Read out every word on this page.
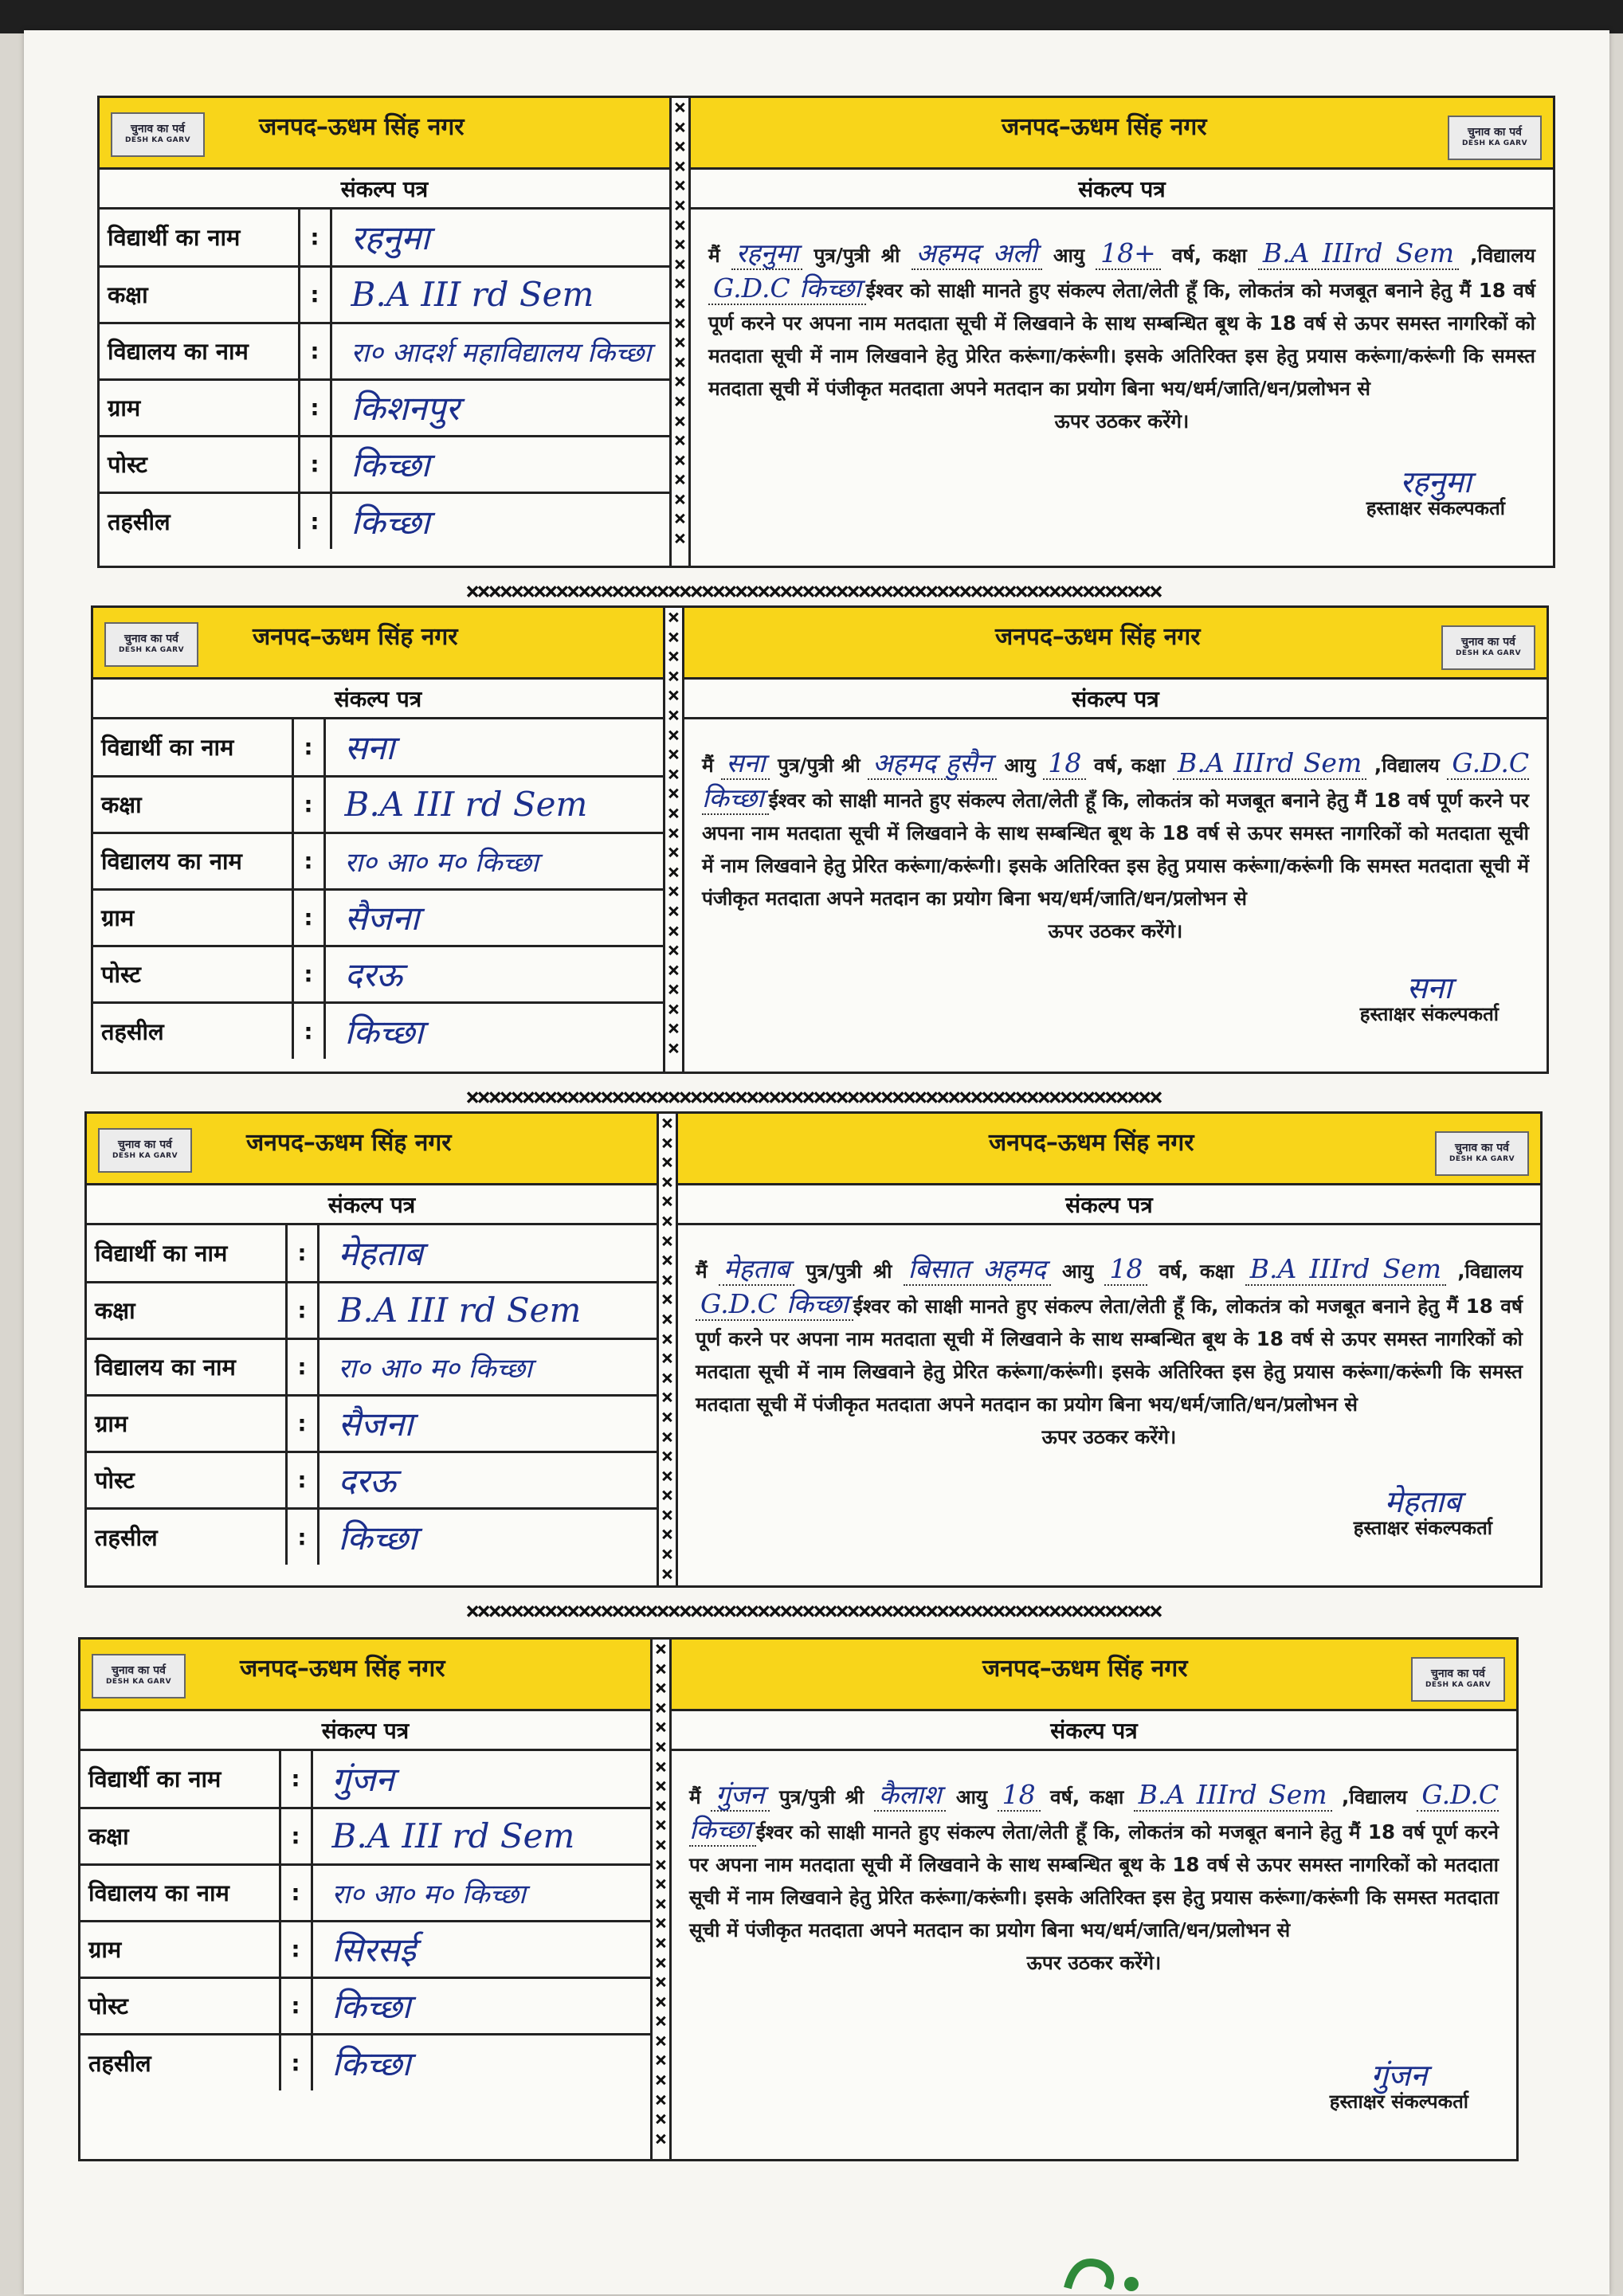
चुनाव का पर्व
DESH KA GARV	जनपद–ऊधम सिंह नगर
संकल्प पत्र
विद्यार्थी का नाम	:	रहनुमा
कक्षा	:	B.A III rd Sem
विद्यालय का नाम	:	रा० आदर्श महाविद्यालय किच्छा
ग्राम	:	किशनपुर
पोस्ट	:	किच्छा
तहसील	:	किच्छा
×
×
×
×
×
×
×
×
×
×
×
×
×
×
×
×
×
×
×
×
×
×
×
जनपद–ऊधम सिंह नगर	चुनाव का पर्व
DESH KA GARV
संकल्प पत्र
मैं रहनुमा पुत्र/पुत्री श्री अहमद अली आयु 18+ वर्ष, कक्षा B.A IIIrd Sem ,विद्यालय G.D.C किच्छा ईश्वर को साक्षी मानते हुए संकल्प लेता/लेती हूँ कि, लोकतंत्र को मजबूत बनाने हेतु मैं 18 वर्ष पूर्ण करने पर अपना नाम मतदाता सूची में लिखवाने के साथ सम्बन्धित बूथ के 18 वर्ष से ऊपर समस्त नागरिकों को मतदाता सूची में नाम लिखवाने हेतु प्रेरित करूंगा/करूंगी। इसके अतिरिक्त इस हेतु प्रयास करूंगा/करूंगी कि समस्त मतदाता सूची में पंजीकृत मतदाता अपने मतदान का प्रयोग बिना भय/धर्म/जाति/धन/प्रलोभन से
ऊपर उठकर करेंगे।
रहनुमा
हस्ताक्षर संकल्पकर्ता
चुनाव का पर्व
DESH KA GARV	जनपद–ऊधम सिंह नगर
संकल्प पत्र
विद्यार्थी का नाम	:	सना
कक्षा	:	B.A III rd Sem
विद्यालय का नाम	:	रा० आ० म० किच्छा
ग्राम	:	सैजना
पोस्ट	:	दरऊ
तहसील	:	किच्छा
×
×
×
×
×
×
×
×
×
×
×
×
×
×
×
×
×
×
×
×
×
×
×
जनपद–ऊधम सिंह नगर	चुनाव का पर्व
DESH KA GARV
संकल्प पत्र
मैं सना पुत्र/पुत्री श्री अहमद हुसैन आयु 18 वर्ष, कक्षा B.A IIIrd Sem ,विद्यालय G.D.C किच्छा ईश्वर को साक्षी मानते हुए संकल्प लेता/लेती हूँ कि, लोकतंत्र को मजबूत बनाने हेतु मैं 18 वर्ष पूर्ण करने पर अपना नाम मतदाता सूची में लिखवाने के साथ सम्बन्धित बूथ के 18 वर्ष से ऊपर समस्त नागरिकों को मतदाता सूची में नाम लिखवाने हेतु प्रेरित करूंगा/करूंगी। इसके अतिरिक्त इस हेतु प्रयास करूंगा/करूंगी कि समस्त मतदाता सूची में पंजीकृत मतदाता अपने मतदान का प्रयोग बिना भय/धर्म/जाति/धन/प्रलोभन से
ऊपर उठकर करेंगे।
सना
हस्ताक्षर संकल्पकर्ता
चुनाव का पर्व
DESH KA GARV	जनपद–ऊधम सिंह नगर
संकल्प पत्र
विद्यार्थी का नाम	:	मेहताब
कक्षा	:	B.A III rd Sem
विद्यालय का नाम	:	रा० आ० म० किच्छा
ग्राम	:	सैजना
पोस्ट	:	दरऊ
तहसील	:	किच्छा
×
×
×
×
×
×
×
×
×
×
×
×
×
×
×
×
×
×
×
×
×
×
×
×
जनपद–ऊधम सिंह नगर	चुनाव का पर्व
DESH KA GARV
संकल्प पत्र
मैं मेहताब पुत्र/पुत्री श्री बिसात अहमद आयु 18 वर्ष, कक्षा B.A IIIrd Sem ,विद्यालय G.D.C किच्छा ईश्वर को साक्षी मानते हुए संकल्प लेता/लेती हूँ कि, लोकतंत्र को मजबूत बनाने हेतु मैं 18 वर्ष पूर्ण करने पर अपना नाम मतदाता सूची में लिखवाने के साथ सम्बन्धित बूथ के 18 वर्ष से ऊपर समस्त नागरिकों को मतदाता सूची में नाम लिखवाने हेतु प्रेरित करूंगा/करूंगी। इसके अतिरिक्त इस हेतु प्रयास करूंगा/करूंगी कि समस्त मतदाता सूची में पंजीकृत मतदाता अपने मतदान का प्रयोग बिना भय/धर्म/जाति/धन/प्रलोभन से
ऊपर उठकर करेंगे।
मेहताब
हस्ताक्षर संकल्पकर्ता
चुनाव का पर्व
DESH KA GARV	जनपद–ऊधम सिंह नगर
संकल्प पत्र
विद्यार्थी का नाम	:	गुंजन
कक्षा	:	B.A III rd Sem
विद्यालय का नाम	:	रा० आ० म० किच्छा
ग्राम	:	सिरसई
पोस्ट	:	किच्छा
तहसील	:	किच्छा
×
×
×
×
×
×
×
×
×
×
×
×
×
×
×
×
×
×
×
×
×
×
×
×
×
×
जनपद–ऊधम सिंह नगर	चुनाव का पर्व
DESH KA GARV
संकल्प पत्र
मैं गुंजन पुत्र/पुत्री श्री कैलाश आयु 18 वर्ष, कक्षा B.A IIIrd Sem ,विद्यालय G.D.C किच्छा ईश्वर को साक्षी मानते हुए संकल्प लेता/लेती हूँ कि, लोकतंत्र को मजबूत बनाने हेतु मैं 18 वर्ष पूर्ण करने पर अपना नाम मतदाता सूची में लिखवाने के साथ सम्बन्धित बूथ के 18 वर्ष से ऊपर समस्त नागरिकों को मतदाता सूची में नाम लिखवाने हेतु प्रेरित करूंगा/करूंगी। इसके अतिरिक्त इस हेतु प्रयास करूंगा/करूंगी कि समस्त मतदाता सूची में पंजीकृत मतदाता अपने मतदान का प्रयोग बिना भय/धर्म/जाति/धन/प्रलोभन से
ऊपर उठकर करेंगे।
गुंजन
हस्ताक्षर संकल्पकर्ता
××××××××××××××××××××××××××××××××××××××××××××××××××××××××××××××
××××××××××××××××××××××××××××××××××××××××××××××××××××××××××××××
××××××××××××××××××××××××××××××××××××××××××××××××××××××××××××××
